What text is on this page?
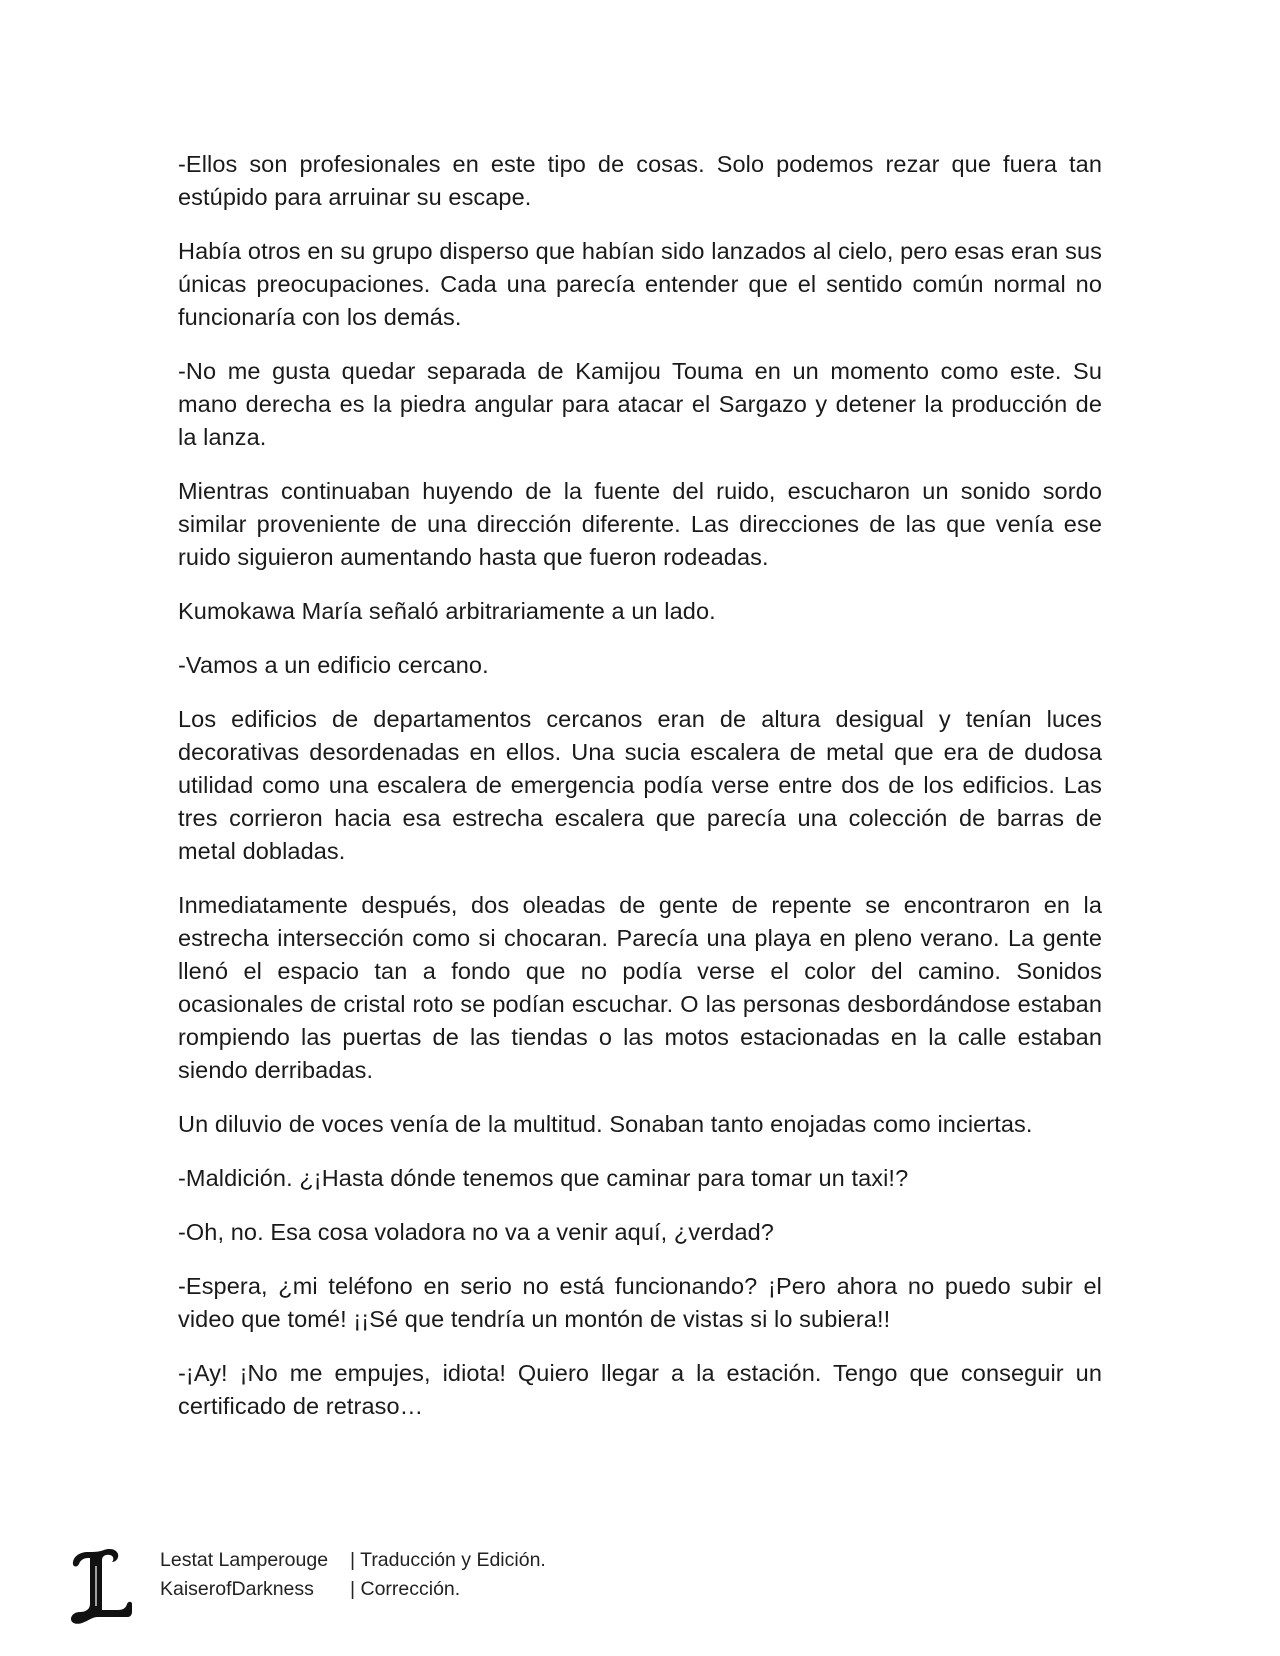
-Ellos son profesionales en este tipo de cosas. Solo podemos rezar que fuera tan estúpido para arruinar su escape.

Había otros en su grupo disperso que habían sido lanzados al cielo, pero esas eran sus únicas preocupaciones. Cada una parecía entender que el sentido común normal no funcionaría con los demás.

-No me gusta quedar separada de Kamijou Touma en un momento como este. Su mano derecha es la piedra angular para atacar el Sargazo y detener la producción de la lanza.

Mientras continuaban huyendo de la fuente del ruido, escucharon un sonido sordo similar proveniente de una dirección diferente. Las direcciones de las que venía ese ruido siguieron aumentando hasta que fueron rodeadas.

Kumokawa María señaló arbitrariamente a un lado.

-Vamos a un edificio cercano.

Los edificios de departamentos cercanos eran de altura desigual y tenían luces decorativas desordenadas en ellos. Una sucia escalera de metal que era de dudosa utilidad como una escalera de emergencia podía verse entre dos de los edificios. Las tres corrieron hacia esa estrecha escalera que parecía una colección de barras de metal dobladas.

Inmediatamente después, dos oleadas de gente de repente se encontraron en la estrecha intersección como si chocaran. Parecía una playa en pleno verano. La gente llenó el espacio tan a fondo que no podía verse el color del camino. Sonidos ocasionales de cristal roto se podían escuchar. O las personas desbordándose estaban rompiendo las puertas de las tiendas o las motos estacionadas en la calle estaban siendo derribadas.

Un diluvio de voces venía de la multitud. Sonaban tanto enojadas como inciertas.

-Maldición. ¿¡Hasta dónde tenemos que caminar para tomar un taxi!?

-Oh, no. Esa cosa voladora no va a venir aquí, ¿verdad?

-Espera, ¿mi teléfono en serio no está funcionando? ¡Pero ahora no puedo subir el video que tomé! ¡¡Sé que tendría un montón de vistas si lo subiera!!

-¡Ay! ¡No me empujes, idiota! Quiero llegar a la estación. Tengo que conseguir un certificado de retraso…

Lestat Lamperouge | Traducción y Edición.
KaiserofDarkness | Corrección.
